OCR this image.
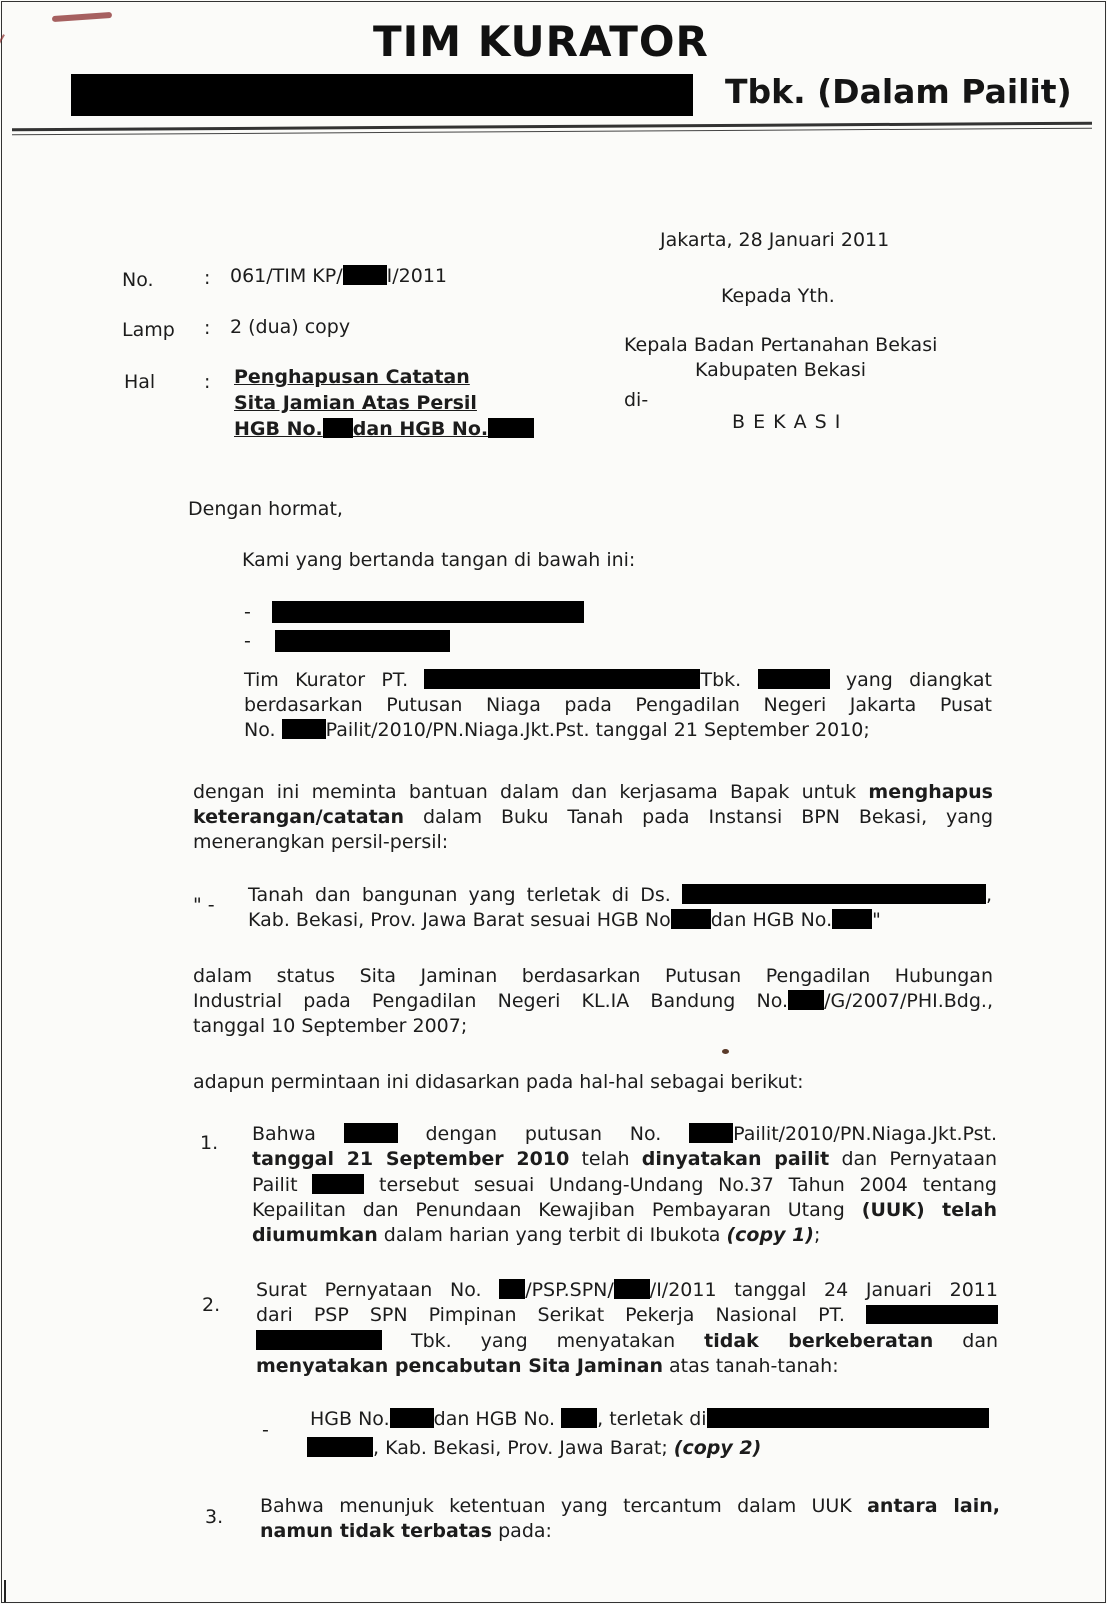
TIM KURATOR
Tbk. (Dalam Pailit)
Jakarta, 28 Januari 2011
Kepada Yth.
Kepala Badan Pertanahan Bekasi
Kabupaten Bekasi
di-
B E K A S I
No.	: 061/TIM KP/ I/2011
Lamp : 2 (dua) copy
Hal	: Penghapusan Catatan
Sita Jamian Atas Persil
HGB No. dan HGB No.
Dengan hormat,
Kami yang bertanda tangan di bawah ini:
-
-
Tim Kurator PT.	Tbk.	yang diangkat
berdasarkan Putusan Niaga pada Pengadilan Negeri Jakarta Pusat
No.	Pailit/2010/PN.Niaga.Jkt.Pst. tanggal 21 September 2010;
dengan ini meminta bantuan dalam dan kerjasama Bapak untuk menghapus
keterangan/catatan dalam Buku Tanah pada Instansi BPN Bekasi, yang
menerangkan persil-persil:
" - Tanah dan bangunan yang terletak di Ds.	,
Kab. Bekasi, Prov. Jawa Barat sesuai HGB No dan HGB No. "
dalam status Sita Jaminan berdasarkan Putusan Pengadilan Hubungan
Industrial pada Pengadilan Negeri KL.IA Bandung No. /G/2007/PHI.Bdg.,
tanggal 10 September 2007;
adapun permintaan ini didasarkan pada hal-hal sebagai berikut:
1. Bahwa	dengan putusan No.	Pailit/2010/PN.Niaga.Jkt.Pst.
tanggal 21 September 2010 telah dinyatakan pailit dan Pernyataan
Pailit	tersebut sesuai Undang-Undang No.37 Tahun 2004 tentang
Kepailitan dan Penundaan Kewajiban Pembayaran Utang (UUK) telah
diumumkan dalam harian yang terbit di Ibukota (copy 1);
2.
Surat Pernyataan No. /PSP.SPN/ /I/2011 tanggal 24 Januari 2011
dari PSP SPN Pimpinan Serikat Pekerja Nasional PT.
Tbk. yang menyatakan tidak berkeberatan dan
menyatakan pencabutan Sita Jaminan atas tanah-tanah:
- HGB No. dan HGB No. , terletak di
, Kab. Bekasi, Prov. Jawa Barat; (copy 2)
3. Bahwa menunjuk ketentuan yang tercantum dalam UUK antara lain,
namun tidak terbatas pada:
